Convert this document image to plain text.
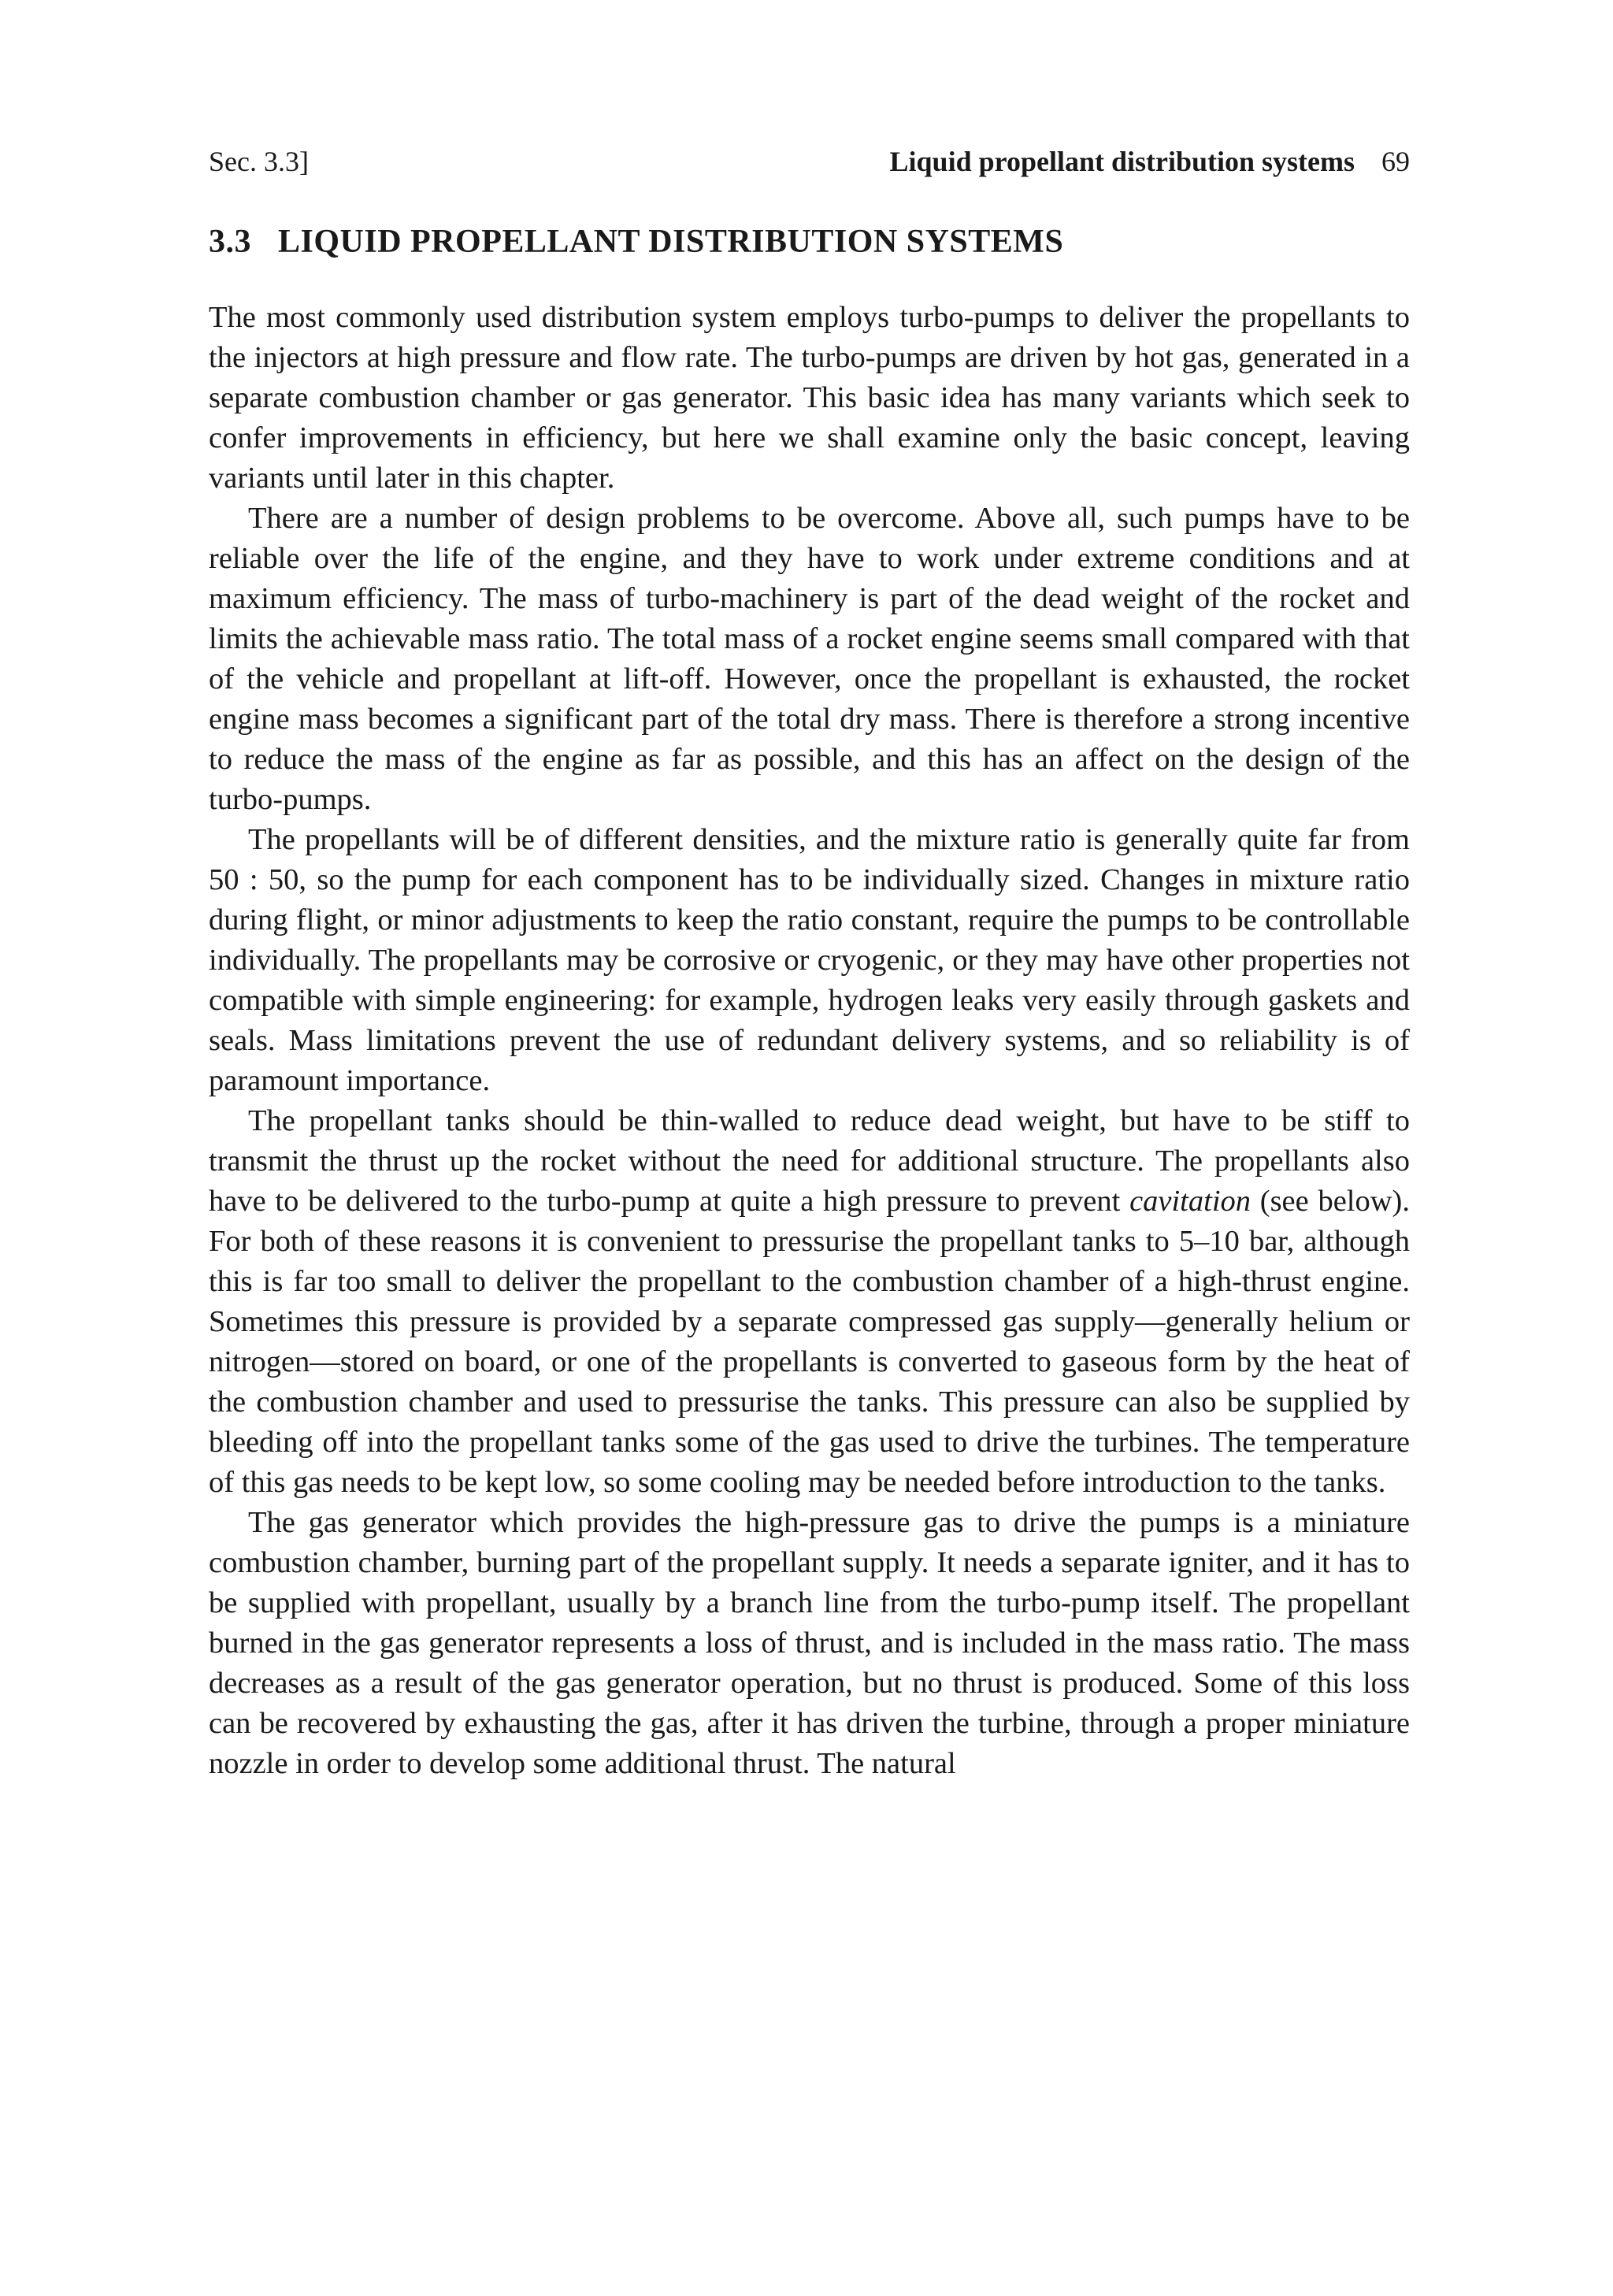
Sec. 3.3]	Liquid propellant distribution systems 69
3.3 LIQUID PROPELLANT DISTRIBUTION SYSTEMS

The most commonly used distribution system employs turbo-pumps to deliver the propellants to the injectors at high pressure and flow rate. The turbo-pumps are driven by hot gas, generated in a separate combustion chamber or gas generator. This basic idea has many variants which seek to confer improvements in efficiency, but here we shall examine only the basic concept, leaving variants until later in this chapter.

There are a number of design problems to be overcome. Above all, such pumps have to be reliable over the life of the engine, and they have to work under extreme conditions and at maximum efficiency. The mass of turbo-machinery is part of the dead weight of the rocket and limits the achievable mass ratio. The total mass of a rocket engine seems small compared with that of the vehicle and propellant at lift-off. However, once the propellant is exhausted, the rocket engine mass becomes a significant part of the total dry mass. There is therefore a strong incentive to reduce the mass of the engine as far as possible, and this has an affect on the design of the turbo-pumps.

The propellants will be of different densities, and the mixture ratio is generally quite far from 50 : 50, so the pump for each component has to be individually sized. Changes in mixture ratio during flight, or minor adjustments to keep the ratio constant, require the pumps to be controllable individually. The propellants may be corrosive or cryogenic, or they may have other properties not compatible with simple engineering: for example, hydrogen leaks very easily through gaskets and seals. Mass limitations prevent the use of redundant delivery systems, and so reliability is of paramount importance.

The propellant tanks should be thin-walled to reduce dead weight, but have to be stiff to transmit the thrust up the rocket without the need for additional structure. The propellants also have to be delivered to the turbo-pump at quite a high pressure to prevent cavitation (see below). For both of these reasons it is convenient to pressurise the propellant tanks to 5–10 bar, although this is far too small to deliver the propellant to the combustion chamber of a high-thrust engine. Sometimes this pressure is provided by a separate compressed gas supply—generally helium or nitrogen—stored on board, or one of the propellants is converted to gaseous form by the heat of the combustion chamber and used to pressurise the tanks. This pressure can also be supplied by bleeding off into the propellant tanks some of the gas used to drive the turbines. The temperature of this gas needs to be kept low, so some cooling may be needed before introduction to the tanks.

The gas generator which provides the high-pressure gas to drive the pumps is a miniature combustion chamber, burning part of the propellant supply. It needs a separate igniter, and it has to be supplied with propellant, usually by a branch line from the turbo-pump itself. The propellant burned in the gas generator represents a loss of thrust, and is included in the mass ratio. The mass decreases as a result of the gas generator operation, but no thrust is produced. Some of this loss can be recovered by exhausting the gas, after it has driven the turbine, through a proper miniature nozzle in order to develop some additional thrust. The natural
